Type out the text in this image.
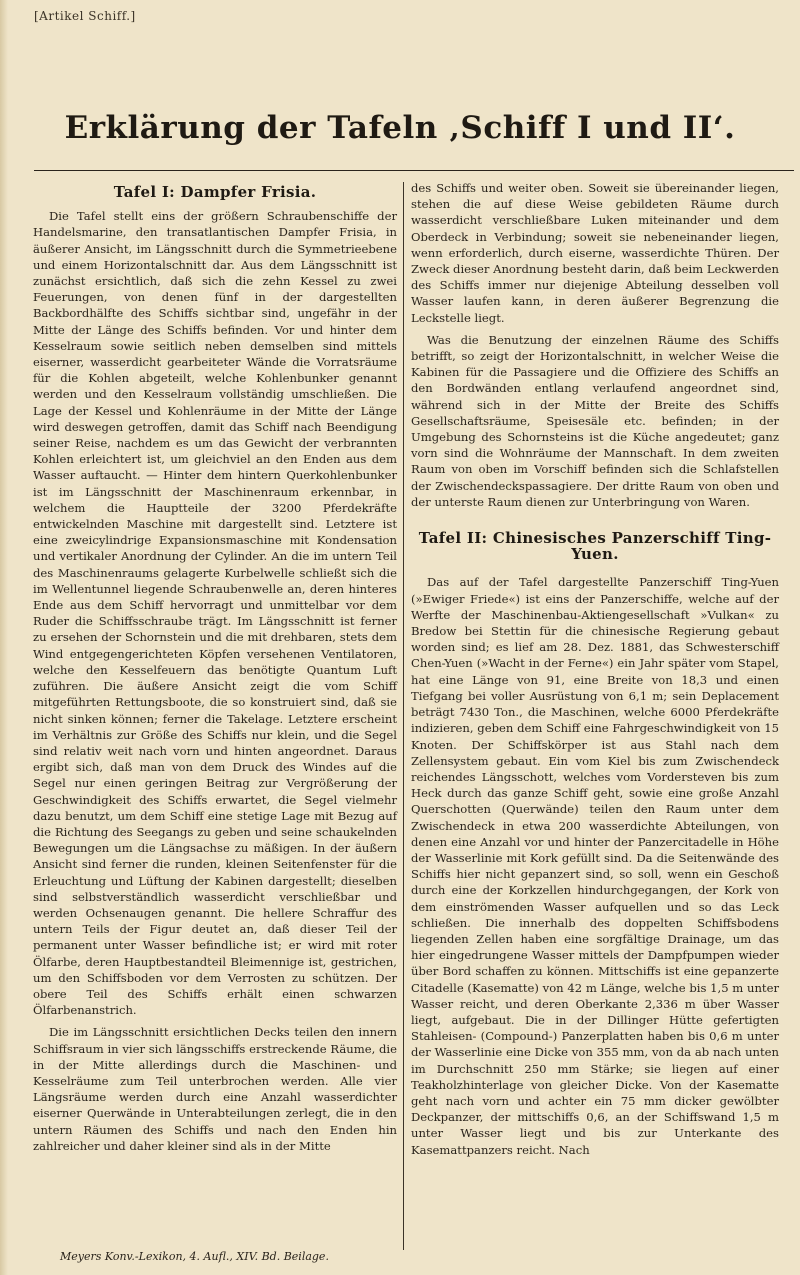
[Artikel Schiff.]
Erklärung der Tafeln ‚Schiff I und II‘.
Tafel I: Dampfer Frisia.

Die Tafel stellt eins der größern Schraubenschiffe der Handelsmarine, den transatlantischen Dampfer Frisia, in äußerer Ansicht, im Längsschnitt durch die Symmetrieebene und einem Horizontalschnitt dar. Aus dem Längsschnitt ist zunächst ersichtlich, daß sich die zehn Kessel zu zwei Feuerungen, von denen fünf in der dargestellten Backbordhälfte des Schiffs sichtbar sind, ungefähr in der Mitte der Länge des Schiffs befinden. Vor und hinter dem Kesselraum sowie seitlich neben demselben sind mittels eiserner, wasserdicht gearbeiteter Wände die Vorratsräume für die Kohlen abgeteilt, welche Kohlenbunker genannt werden und den Kesselraum vollständig umschließen. Die Lage der Kessel und Kohlenräume in der Mitte der Länge wird deswegen getroffen, damit das Schiff nach Beendigung seiner Reise, nachdem es um das Gewicht der verbrannten Kohlen erleichtert ist, um gleichviel an den Enden aus dem Wasser auftaucht. — Hinter dem hintern Querkohlenbunker ist im Längsschnitt der Maschinenraum erkennbar, in welchem die Hauptteile der 3200 Pferdekräfte entwickelnden Maschine mit dargestellt sind. Letztere ist eine zweicylindrige Expansionsmaschine mit Kondensation und vertikaler Anordnung der Cylinder. An die im untern Teil des Maschinenraums gelagerte Kurbelwelle schließt sich die im Wellentunnel liegende Schraubenwelle an, deren hinteres Ende aus dem Schiff hervorragt und unmittelbar vor dem Ruder die Schiffsschraube trägt. Im Längsschnitt ist ferner zu ersehen der Schornstein und die mit drehbaren, stets dem Wind entgegengerichteten Köpfen versehenen Ventilatoren, welche den Kesselfeuern das benötigte Quantum Luft zuführen. Die äußere Ansicht zeigt die vom Schiff mitgeführten Rettungsboote, die so konstruiert sind, daß sie nicht sinken können; ferner die Takelage. Letztere erscheint im Verhältnis zur Größe des Schiffs nur klein, und die Segel sind relativ weit nach vorn und hinten angeordnet. Daraus ergibt sich, daß man von dem Druck des Windes auf die Segel nur einen geringen Beitrag zur Vergrößerung der Geschwindigkeit des Schiffs erwartet, die Segel vielmehr dazu benutzt, um dem Schiff eine stetige Lage mit Bezug auf die Richtung des Seegangs zu geben und seine schaukelnden Bewegungen um die Längsachse zu mäßigen. In der äußern Ansicht sind ferner die runden, kleinen Seitenfenster für die Erleuchtung und Lüftung der Kabinen dargestellt; dieselben sind selbstverständlich wasserdicht verschließbar und werden Ochsenaugen genannt. Die hellere Schraffur des untern Teils der Figur deutet an, daß dieser Teil der permanent unter Wasser befindliche ist; er wird mit roter Ölfarbe, deren Hauptbestandteil Bleimennige ist, gestrichen, um den Schiffsboden vor dem Verrosten zu schützen. Der obere Teil des Schiffs erhält einen schwarzen Ölfarbenanstrich.

Die im Längsschnitt ersichtlichen Decks teilen den innern Schiffsraum in vier sich längsschiffs erstreckende Räume, die in der Mitte allerdings durch die Maschinen- und Kesselräume zum Teil unterbrochen werden. Alle vier Längsräume werden durch eine Anzahl wasserdichter eiserner Querwände in Unterabteilungen zerlegt, die in den untern Räumen des Schiffs und nach den Enden hin zahlreicher und daher kleiner sind als in der Mitte

des Schiffs und weiter oben. Soweit sie übereinander liegen, stehen die auf diese Weise gebildeten Räume durch wasserdicht verschließbare Luken miteinander und dem Oberdeck in Verbindung; soweit sie nebeneinander liegen, wenn erforderlich, durch eiserne, wasserdichte Thüren. Der Zweck dieser Anordnung besteht darin, daß beim Leckwerden des Schiffs immer nur diejenige Abteilung desselben voll Wasser laufen kann, in deren äußerer Begrenzung die Leckstelle liegt.

Was die Benutzung der einzelnen Räume des Schiffs betrifft, so zeigt der Horizontalschnitt, in welcher Weise die Kabinen für die Passagiere und die Offiziere des Schiffs an den Bordwänden entlang verlaufend angeordnet sind, während sich in der Mitte der Breite des Schiffs Gesellschaftsräume, Speisesäle etc. befinden; in der Umgebung des Schornsteins ist die Küche angedeutet; ganz vorn sind die Wohnräume der Mannschaft. In dem zweiten Raum von oben im Vorschiff befinden sich die Schlafstellen der Zwischendeckspassagiere. Der dritte Raum von oben und der unterste Raum dienen zur Unterbringung von Waren.

Tafel II: Chinesisches Panzerschiff Ting-Yuen.

Das auf der Tafel dargestellte Panzerschiff Ting-Yuen (»Ewiger Friede«) ist eins der Panzerschiffe, welche auf der Werfte der Maschinenbau-Aktiengesellschaft »Vulkan« zu Bredow bei Stettin für die chinesische Regierung gebaut worden sind; es lief am 28. Dez. 1881, das Schwesterschiff Chen-Yuen (»Wacht in der Ferne«) ein Jahr später vom Stapel, hat eine Länge von 91, eine Breite von 18,3 und einen Tiefgang bei voller Ausrüstung von 6,1 m; sein Deplacement beträgt 7430 Ton., die Maschinen, welche 6000 Pferdekräfte indizieren, geben dem Schiff eine Fahrgeschwindigkeit von 15 Knoten. Der Schiffskörper ist aus Stahl nach dem Zellensystem gebaut. Ein vom Kiel bis zum Zwischendeck reichendes Längsschott, welches vom Vordersteven bis zum Heck durch das ganze Schiff geht, sowie eine große Anzahl Querschotten (Querwände) teilen den Raum unter dem Zwischendeck in etwa 200 wasserdichte Abteilungen, von denen eine Anzahl vor und hinter der Panzercitadelle in Höhe der Wasserlinie mit Kork gefüllt sind. Da die Seitenwände des Schiffs hier nicht gepanzert sind, so soll, wenn ein Geschoß durch eine der Korkzellen hindurchgegangen, der Kork von dem einströmenden Wasser aufquellen und so das Leck schließen. Die innerhalb des doppelten Schiffsbodens liegenden Zellen haben eine sorgfältige Drainage, um das hier eingedrungene Wasser mittels der Dampfpumpen wieder über Bord schaffen zu können. Mittschiffs ist eine gepanzerte Citadelle (Kasematte) von 42 m Länge, welche bis 1,5 m unter Wasser reicht, und deren Oberkante 2,336 m über Wasser liegt, aufgebaut. Die in der Dillinger Hütte gefertigten Stahleisen- (Compound-) Panzerplatten haben bis 0,6 m unter der Wasserlinie eine Dicke von 355 mm, von da ab nach unten im Durchschnitt 250 mm Stärke; sie liegen auf einer Teakholzhinterlage von gleicher Dicke. Von der Kasematte geht nach vorn und achter ein 75 mm dicker gewölbter Deckpanzer, der mittschiffs 0,6, an der Schiffswand 1,5 m unter Wasser liegt und bis zur Unterkante des Kasemattpanzers reicht. Nach

Meyers Konv.-Lexikon, 4. Aufl., XIV. Bd. Beilage.
